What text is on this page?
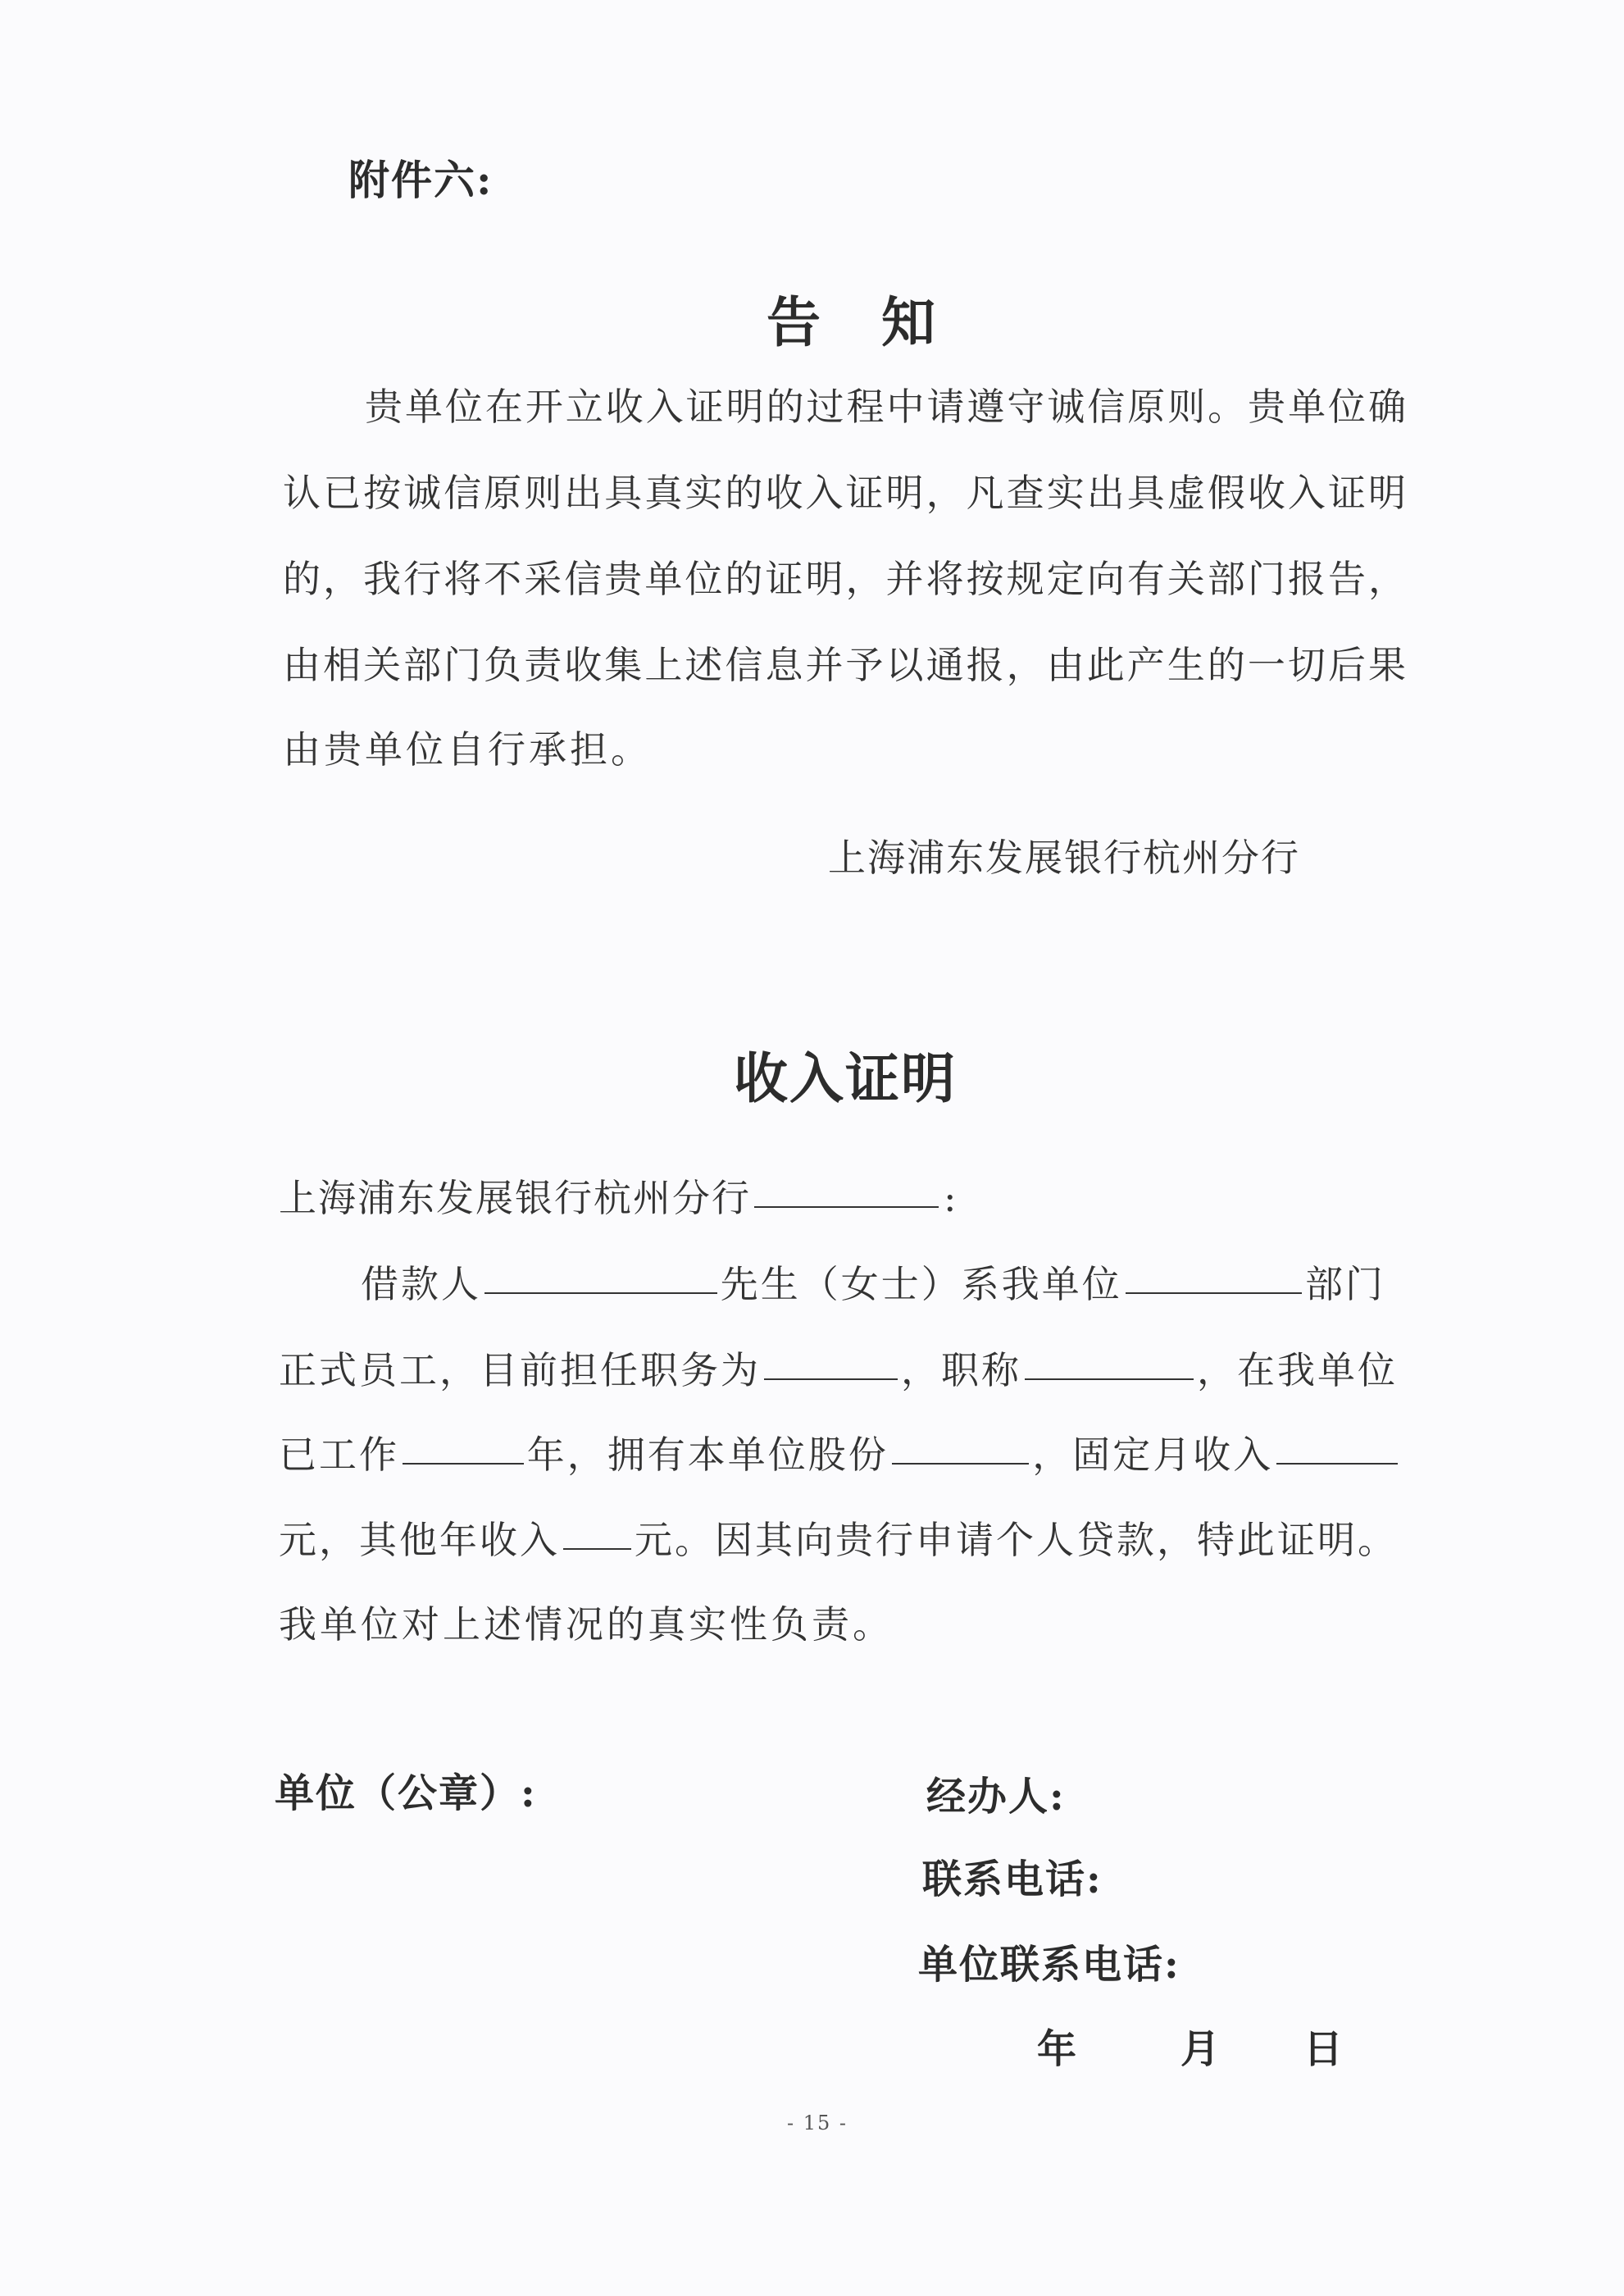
附件六:
告　知
贵单位在开立收入证明的过程中请遵守诚信原则。贵单位确
认已按诚信原则出具真实的收入证明，凡查实出具虚假收入证明
的，我行将不采信贵单位的证明，并将按规定向有关部门报告，
由相关部门负责收集上述信息并予以通报，由此产生的一切后果
由贵单位自行承担。
上海浦东发展银行杭州分行
收入证明
上海浦东发展银行杭州分行	:
借款人	先生（女士）系我单位	部门
正式员工，目前担任职务为	，职称	，在我单位
已工作	年，拥有本单位股份	，固定月收入
元，其他年收入 元。因其向贵行申请个人贷款，特此证明。
我单位对上述情况的真实性负责。
单位（公章）:	经办人:
联系电话:
单位联系电话:
年	月 日
- 15 -
